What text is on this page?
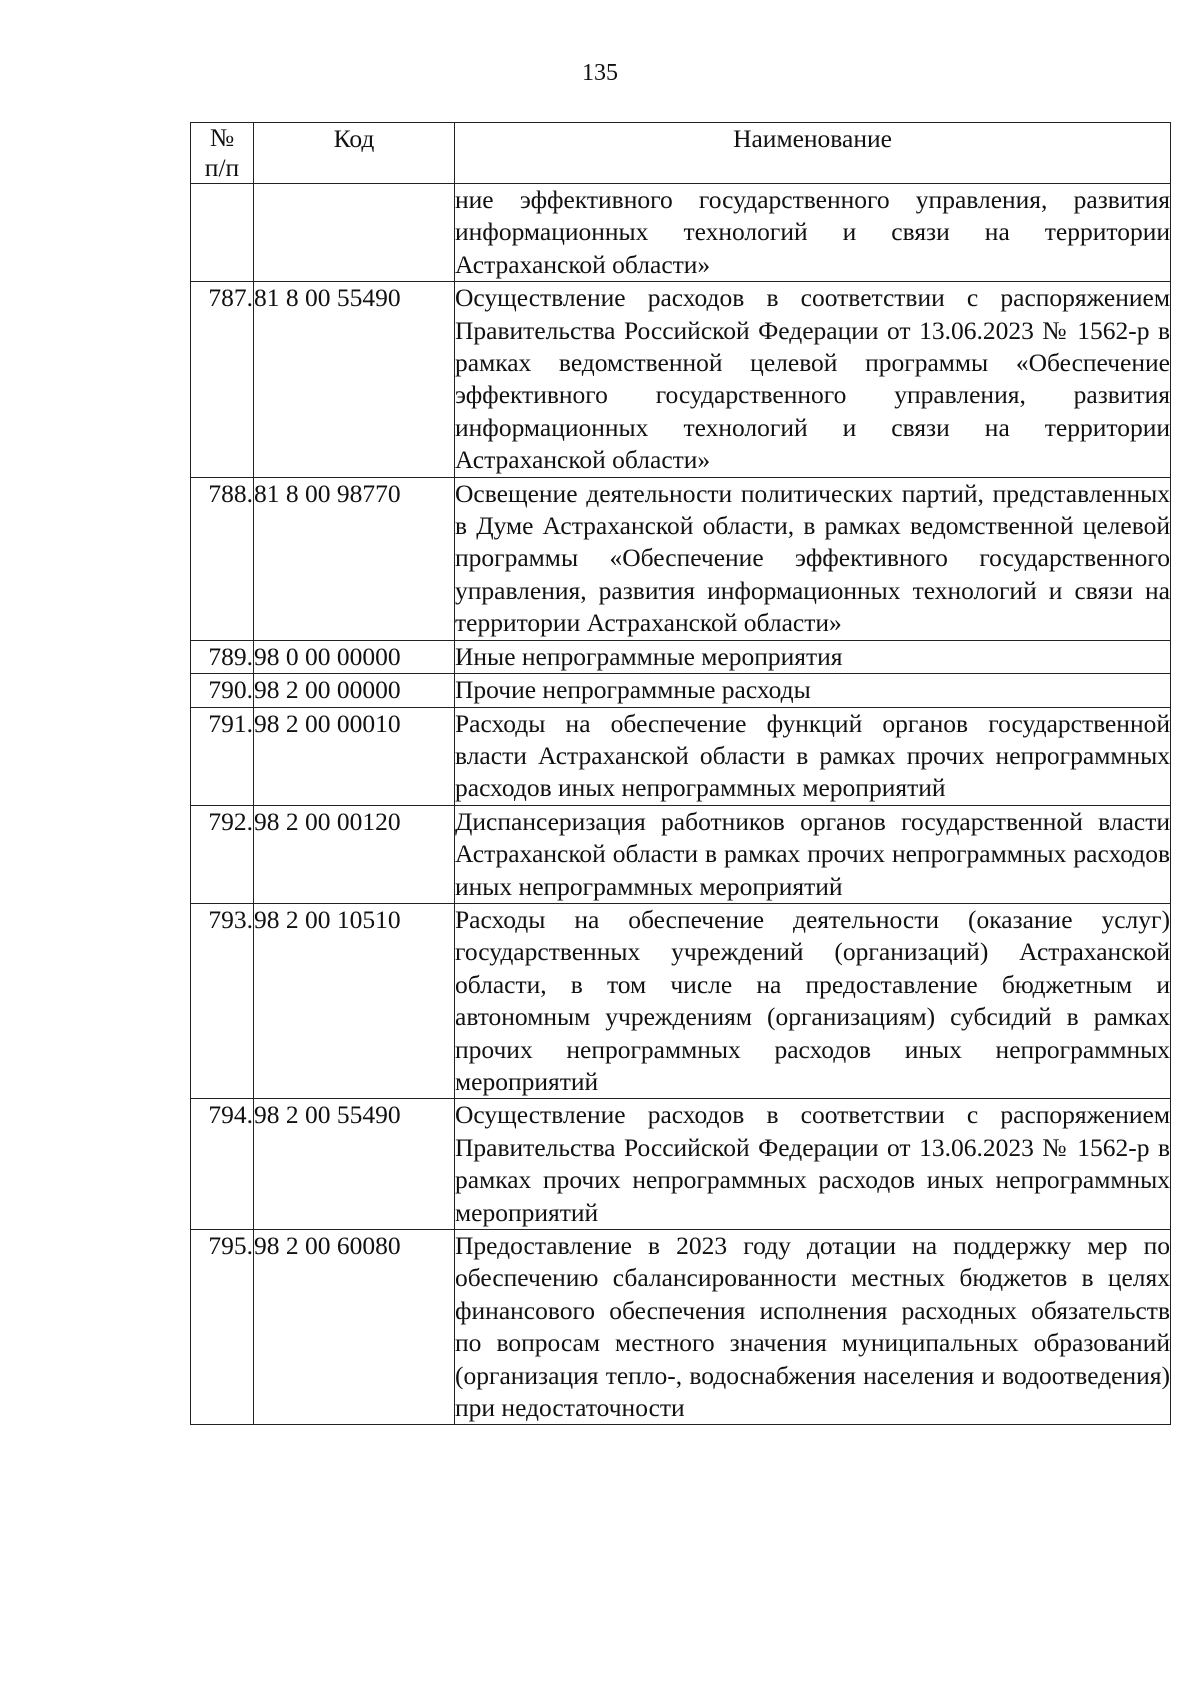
135
№
п/п	Код	Наименование
		ние эффективного государственного управления, развития информационных технологий и связи на территории Астраханской области»
787.	81 8 00 55490	Осуществление расходов в соответствии с распоряжением Правительства Российской Федерации от 13.06.2023 № 1562-р в рамках ведомственной целевой программы «Обеспечение эффективного государственного управления, развития информационных технологий и связи на территории Астраханской области»
788.	81 8 00 98770	Освещение деятельности политических партий, представленных в Думе Астраханской области, в рамках ведомственной целевой программы «Обеспечение эффективного государственного управления, развития информационных технологий и связи на территории Астраханской области»
789.	98 0 00 00000	Иные непрограммные мероприятия
790.	98 2 00 00000	Прочие непрограммные расходы
791.	98 2 00 00010	Расходы на обеспечение функций органов государственной власти Астраханской области в рамках прочих непрограммных расходов иных непрограммных мероприятий
792.	98 2 00 00120	Диспансеризация работников органов государственной власти Астраханской области в рамках прочих непрограммных расходов иных непрограммных мероприятий
793.	98 2 00 10510	Расходы на обеспечение деятельности (оказание услуг) государственных учреждений (организаций) Астраханской области, в том числе на предоставление бюджетным и автономным учреждениям (организациям) субсидий в рамках прочих непрограммных расходов иных непрограммных мероприятий
794.	98 2 00 55490	Осуществление расходов в соответствии с распоряжением Правительства Российской Федерации от 13.06.2023 № 1562-р в рамках прочих непрограммных расходов иных непрограммных мероприятий
795.	98 2 00 60080	Предоставление в 2023 году дотации на поддержку мер по обеспечению сбалансированности местных бюджетов в целях финансового обеспечения исполнения расходных обязательств по вопросам местного значения муниципальных образований (организация тепло-, водоснабжения населения и водоотведения) при недостаточности
